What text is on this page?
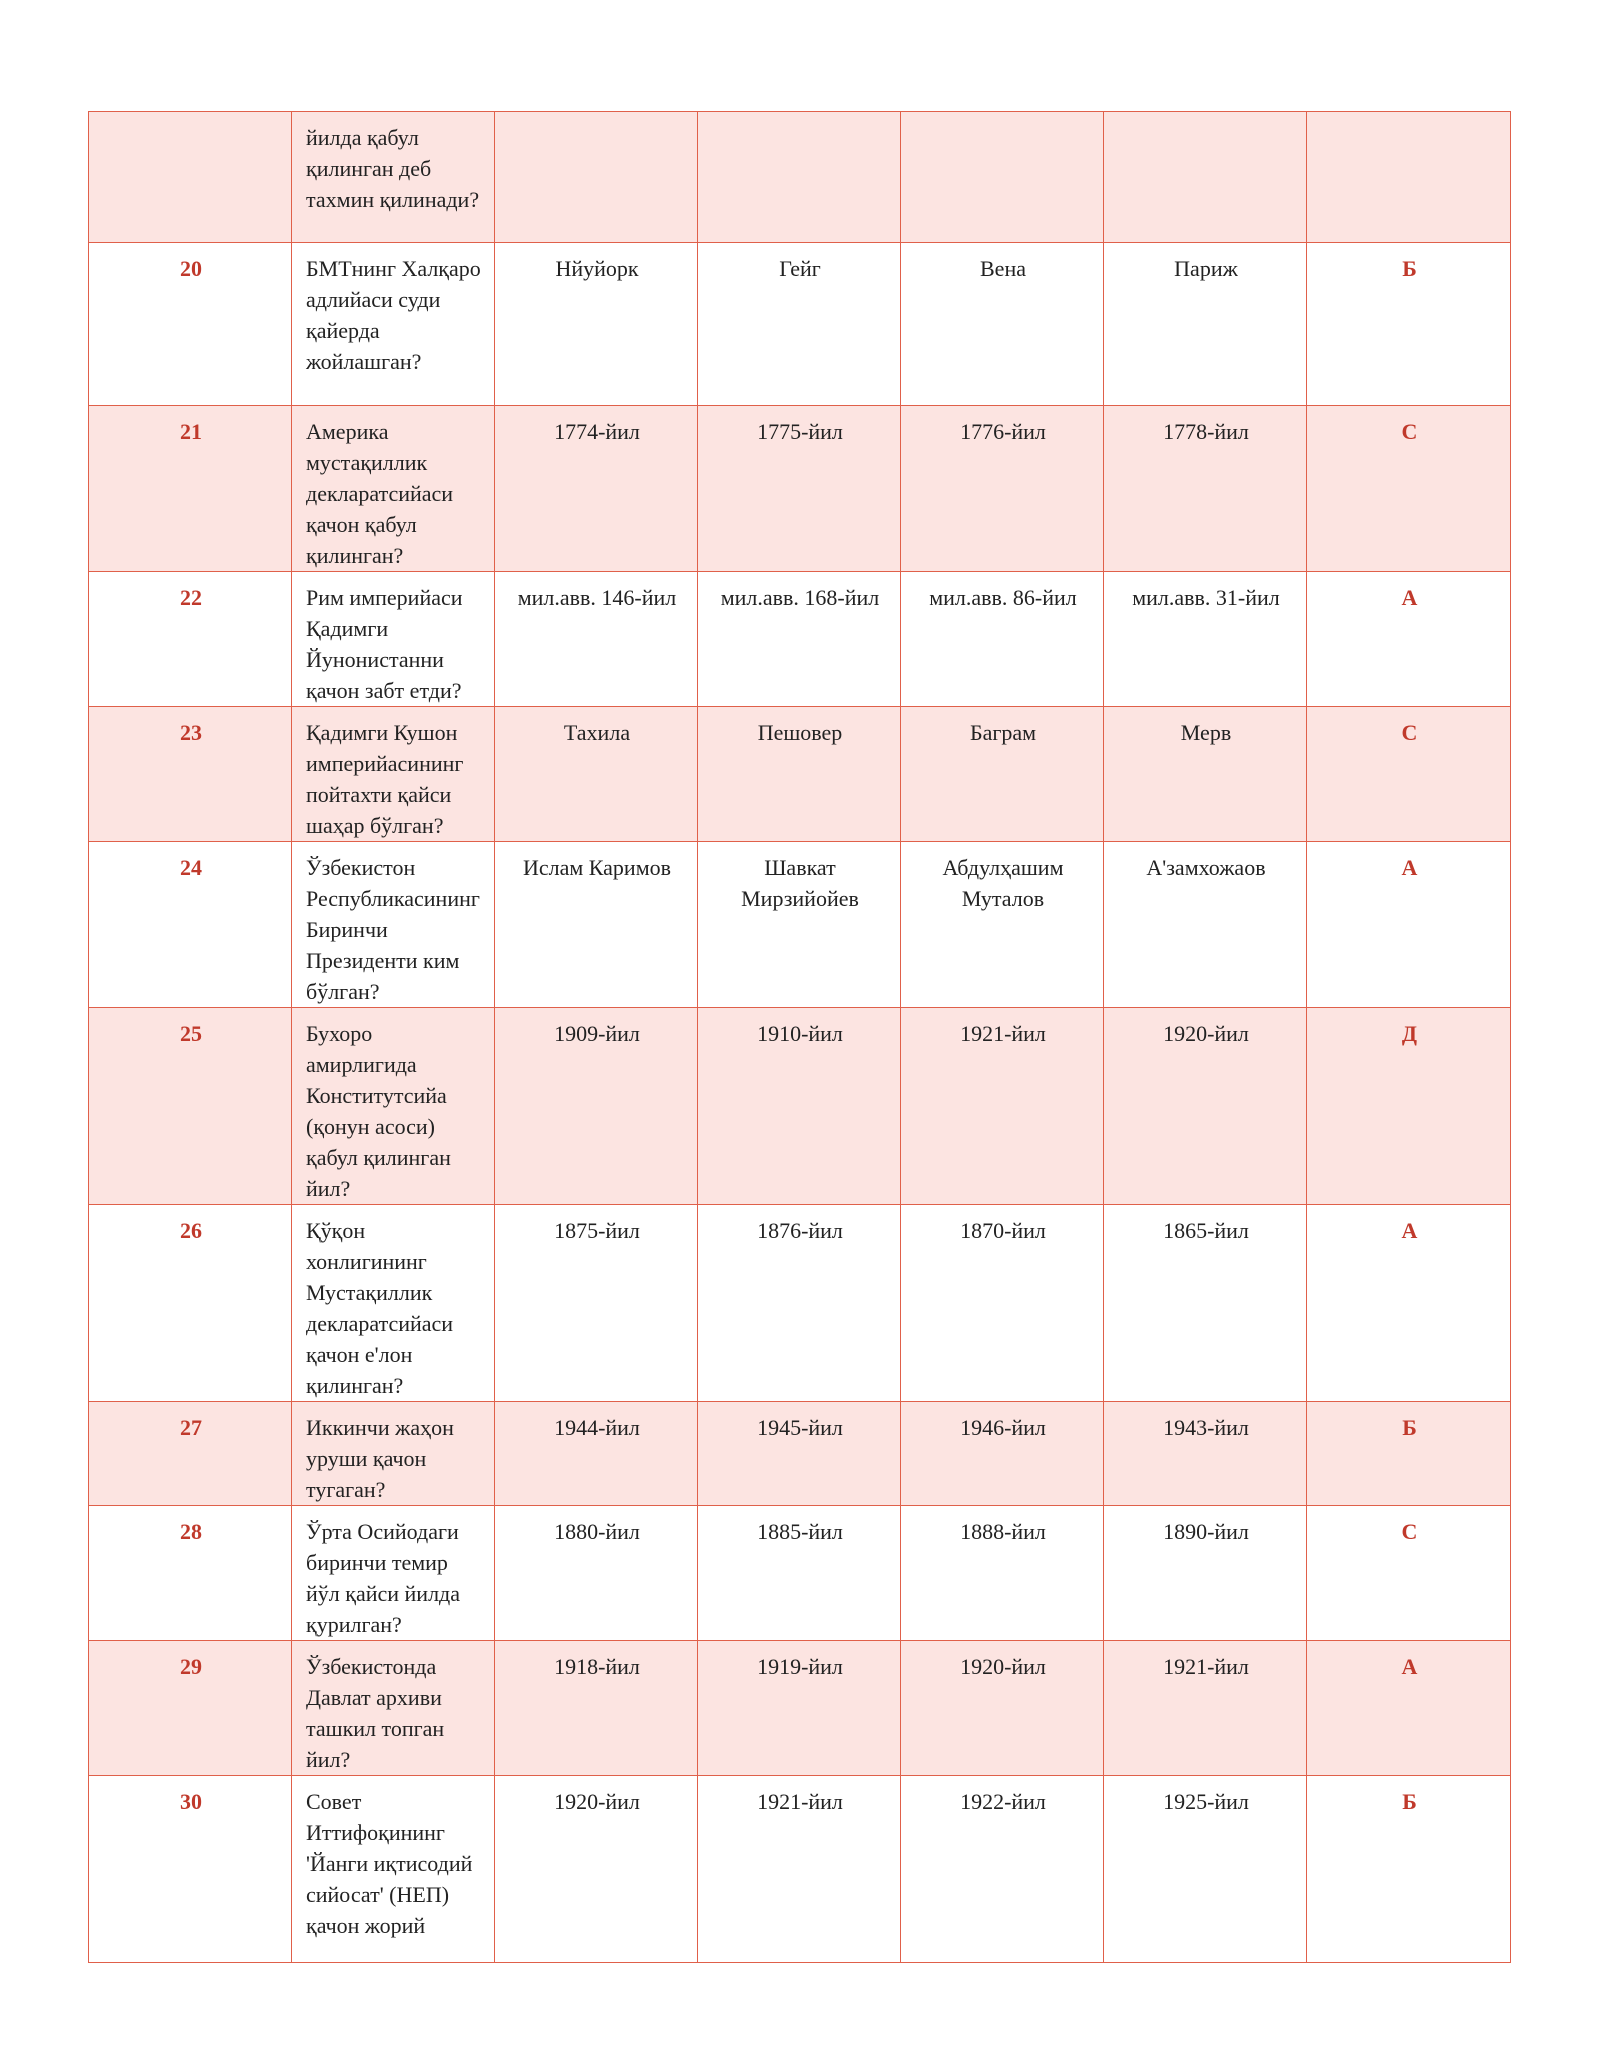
	йилда қабул қилинган деб тахмин қилинади?					
20	БМТнинг Халқаро адлийаси суди қайерда жойлашган?	Нйуйорк	Гейг	Вена	Париж	Б
21	Америка мустақиллик декларатсийаси қачон қабул қилинган?	1774-йил	1775-йил	1776-йил	1778-йил	С
22	Рим империйаси Қадимги Йунонистанни қачон забт етди?	мил.авв. 146-йил	мил.авв. 168-йил	мил.авв. 86-йил	мил.авв. 31-йил	А
23	Қадимги Кушон империйасининг пойтахти қайси шаҳар бўлган?	Тахила	Пешовер	Баграм	Мерв	С
24	Ўзбекистон Республикасининг Биринчи Президенти ким бўлган?	Ислам Каримов	Шавкат Мирзийойев	Абдулҳашим Муталов	А'замхожаов	А
25	Бухоро амирлигида Конститутсийа (қонун асоси) қабул қилинган йил?	1909-йил	1910-йил	1921-йил	1920-йил	Д
26	Қўқон хонлигининг Мустақиллик декларатсийаси қачон е'лон қилинган?	1875-йил	1876-йил	1870-йил	1865-йил	А
27	Иккинчи жаҳон уруши қачон тугаган?	1944-йил	1945-йил	1946-йил	1943-йил	Б
28	Ўрта Осийодаги биринчи темир йўл қайси йилда қурилган?	1880-йил	1885-йил	1888-йил	1890-йил	С
29	Ўзбекистонда Давлат архиви ташкил топган йил?	1918-йил	1919-йил	1920-йил	1921-йил	А
30	Совет Иттифоқининг 'Йанги иқтисодий сийосат' (НЕП) қачон жорий	1920-йил	1921-йил	1922-йил	1925-йил	Б
